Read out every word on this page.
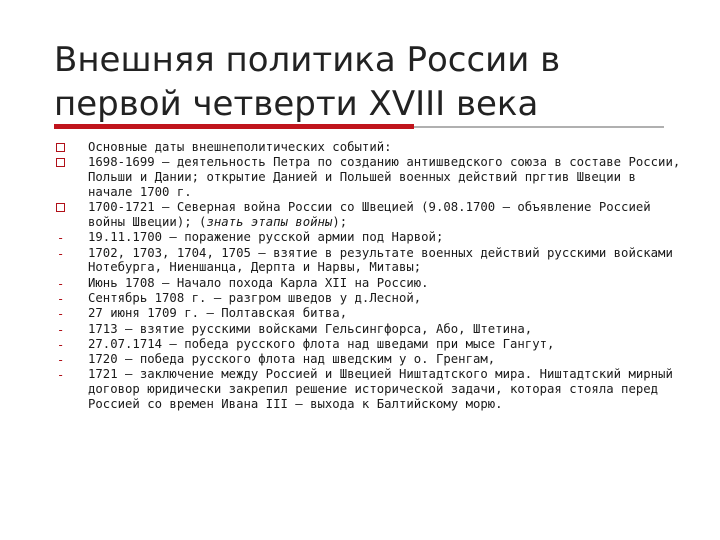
Внешняя политика России в первой четверти XVIII века
Основные даты внешнеполитических событий:
1698-1699 – деятельность Петра по созданию антишведского союза в составе России, Польши и Дании; открытие Данией и Польшей военных действий пргтив Швеции в начале 1700 г.
1700-1721 – Северная война России со Швецией (9.08.1700 – объявление Россией войны Швеции); (знать этапы войны);
- 19.11.1700 – поражение русской армии под Нарвой;
- 1702, 1703, 1704, 1705 – взятие в результате военных действий русскими войсками Нотебурга, Ниеншанца, Дерпта и Нарвы, Митавы;
- Июнь 1708 – Начало похода Карла XII на Россию.
- Сентябрь 1708 г. – разгром шведов у д.Лесной,
- 27 июня 1709 г. – Полтавская битва,
- 1713 – взятие русскими войсками Гельсингфорса, Або, Штетина,
- 27.07.1714 – победа русского флота над шведами при мысе Гангут,
- 1720 – победа русского флота над шведским у о. Гренгам,
- 1721 – заключение между Россией и Швецией Ништадтского мира. Ништадтский мирный договор юридически закрепил решение исторической задачи, которая стояла перед Россией со времен Ивана III – выхода к Балтийскому морю.
